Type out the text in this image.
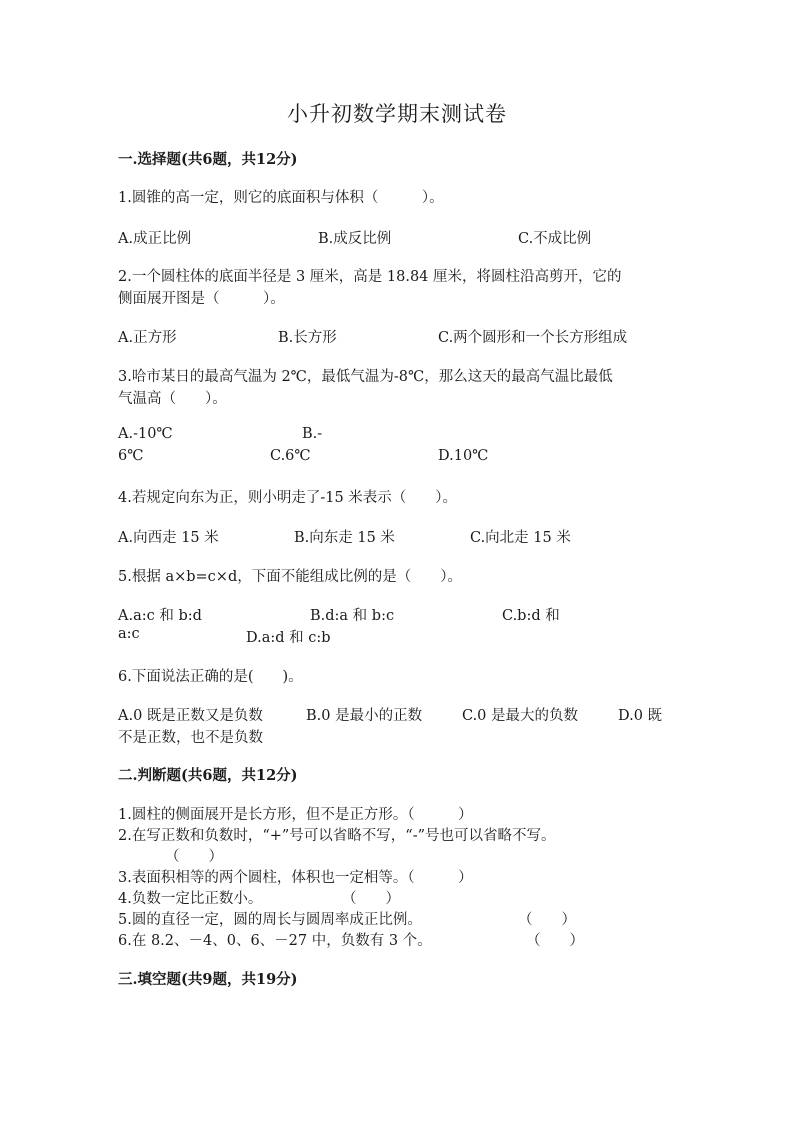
小升初数学期末测试卷
一.选择题(共6题，共12分)
1.圆锥的高一定，则它的底面积与体积（　　　）。
A.成正比例	B.成反比例	C.不成比例
2.一个圆柱体的底面半径是 3 厘米，高是 18.84 厘米，将圆柱沿高剪开，它的
侧面展开图是（　　　）。
A.正方形	B.长方形	C.两个圆形和一个长方形组成
3.哈市某日的最高气温为 2℃，最低气温为-8℃，那么这天的最高气温比最低
气温高（　　）。
A.-10℃	B.-
6℃	C.6℃	D.10℃
4.若规定向东为正，则小明走了-15 米表示（　　）。
A.向西走 15 米	B.向东走 15 米	C.向北走 15 米
5.根据 a×b=c×d，下面不能组成比例的是（　　）。
A.a:c 和 b:d	B.d:a 和 b:c	C.b:d 和
a:c	D.a:d 和 c:b
6.下面说法正确的是(　　)。
A.0 既是正数又是负数	B.0 是最小的正数	C.0 是最大的负数	D.0 既
不是正数，也不是负数
二.判断题(共6题，共12分)
1.圆柱的侧面展开是长方形，但不是正方形。（　　　）
2.在写正数和负数时，“+”号可以省略不写，“-”号也可以省略不写。
（　　）
3.表面积相等的两个圆柱，体积也一定相等。（　　　）
4.负数一定比正数小。	（　　）
5.圆的直径一定，圆的周长与圆周率成正比例。	（　　）
6.在 8.2、－4、0、6、－27 中，负数有 3 个。	（　　）
三.填空题(共9题，共19分)
